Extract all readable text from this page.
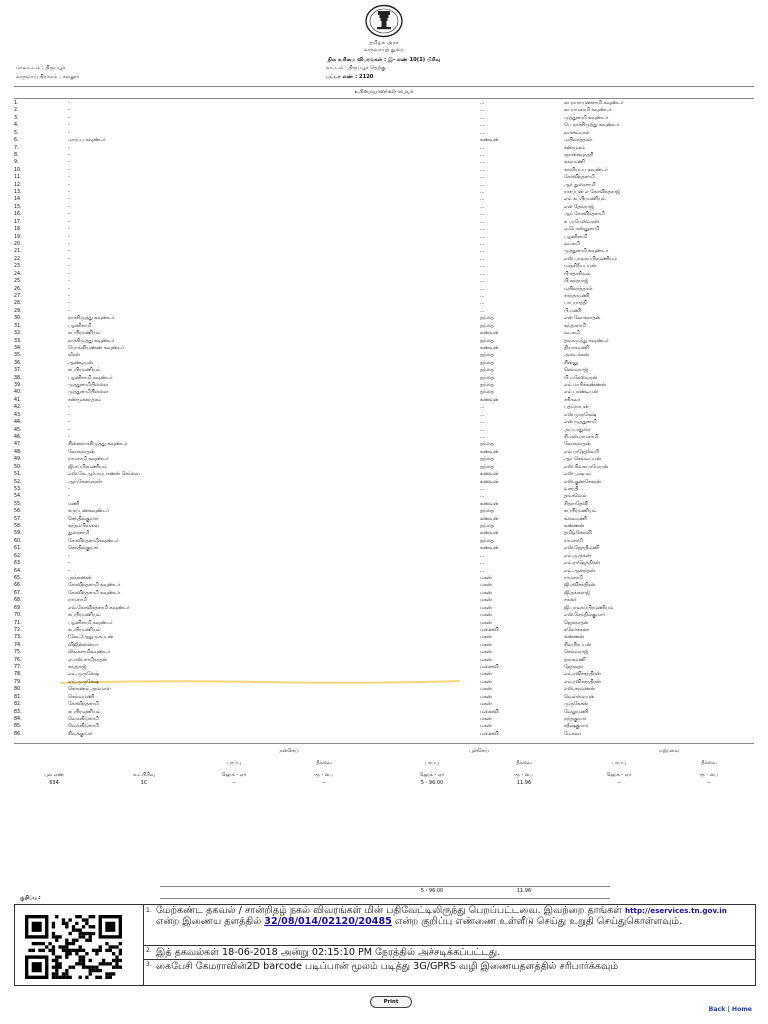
தமிழக அரசு
வருவாய்த் துறை
நில உரிமை விபரங்கள் : இ- எண் 10(1) பிரிவு
மாவட்டம் : திருப்பூர்	வட்டம் : திருப்பூர் தெற்கு
வருவாய் கிராமம் : நல்லூர்	பட்டா எண் : 2120
உரிமையாளர்கள் பெயர்
1.	-		...	கா நாராயணசாமி கவுண்டர்
2.	-		...	கா ராமசாமி கவுண்டர்
3.	-		...	முத்துசாமி கவுண்டர்
4.	-		...	பெ நாச்சிமுத்து கவுண்டர்
5.	-		...	நாச்சம்மாள்
6.	மாரப்ப கவுண்டர்		கணவன்	மயிலாத்தாள்
7.	-		...	சண்முகம்
8.	-		...	ஞானசவுந்தரி
9.	-		...	கலாமணி
10.	-		...	காளியப்ப கவுண்டர்
11.	-		...	கோவிந்தசாமி
12.	-		...	ஆர் துரைசாமி
13.	-		...	ராசப்பன் எ கோவிந்தராஜ்
14.	-		...	எம் சுப்பிரமணியம்
15.	-		...	என் தேவராஜ்
16.	-		...	ஆர் கோவிந்தசாமி
17.	-		...	க பரமேஸ்வரன்
18.	-		...	ஏ.பொன்னுசாமி
19.	-		...	பழனிசாமி
20.	-		...	லட்சுமி
21.	-		...	முத்துசாமி கவுண்டர்
22.	-		...	எஸ் பாலசுப்பிரமணியம்
23.	-		...	மஞ்சிநீயப்பன்
24.	-		...	பி சதாசிவம்
25.	-		...	பி சுந்தராஜ்
26.	-		...	மயிலாத்தாள்
27.	-		...	சாந்தாமணி
28.	-		...	பாப்பாத்தி
29.	-		...	பி மணி
30.	நாச்சிமுத்து கவுண்டர்		தந்தை	என் லோகநாதன்
31.	பழனிசாமி		தந்தை	சுந்தரசாமி
32.	சுப்பிரமணியம்		கணவன்	லட்சுமி
33.	நாச்சிமுத்து கவுண்டர்		தந்தை	தங்கமுத்து கவுண்டர்
34.	பொங்கியண்ண கவுண்டர்		கணவன்	தியாகமணி
35.	வீரன்		தந்தை	அடைக்கன்
36.	ஆண்டியன்		தந்தை	சின்னு
37.	சுப்பிரமணியம்		தந்தை	செல்வராஜ்
38.	பழனிசாமி கவுண்டர்		தந்தை	பி மகேஸ்வரன்
39.	முத்துசாமிபிள்ளை		தந்தை	எம் மாரிக்கண்ணன்
40.	முத்துசாமிபிள்ளை		தந்தை	எம் பாண்டியன்
41.	சண்முகசுந்தரம்		கணவன்	சசிகலா
42.	-		...	பத்மநாபன்
43.	-		...	எஸ் முருகேஷ்
44.	-		...	என் முத்துசாமி
45.	-		...	அப்பாதுரை
46.	-		...	சி.என்.ராமசாமி
47.	சின்னநாச்சிமுத்து கவுண்டர்		தந்தை	லோகநாதன்
48.	லோகநாதன்		கணவன்	எல் ராஜேஸ்வரி
49.	ராமசாமி கவுண்டர்		தந்தை	ஆர் செல்வப்பன்
50.	ஜி.சுப்பிரமணியம்		தந்தை	எஸ் சிவசுப்ரமேயன்
51.	எஸ்.கே.ஆர்.சுப்பாணன் செர்வை		கணவன்	எஸ் பஷ்பம்
52.	ஆர்.கேசங்கரன்		கணவன்	எஸ்.குணசேகரன்
53.	-		...	வசந்தி
54.	-		...	தங்கவேல்
55.	மணி		கணவன்	சித்ராதேவி
56.	கருப்பணகவுண்டர்		தந்தை	சுப்பிரமணியம்
57.	செந்தில்குமார்		கணவன்	கலைமணி
58.	கந்தம்பிள்ளை		தந்தை	கண்ணன்
59.	துரைசாமி		கணவன்	தமிழ்செல்வி
60.	கோவிந்தசாமிகவுண்டர்		தந்தை	ராமசாமி
61.	செந்தில்குமார்		கணவன்	எஸ்.ஜோதிமணி
62.	-		...	எம்.முருகன்
63.	-		...	எம்.ராஜேந்திரன்
64.	-		...	எம்.ஆனந்தன்
65.	அங்கணன்		மகன்	ராமசாமி
66.	கோவிந்தசாமி கவுண்டர்		மகன்	ஜி.ரவிசந்திரன்
67.	கோவிந்தசாமி கவுண்டர்		மகன்	ஜி.தங்கராஜ்
68.	ராமசாமி		மகன்	சங்கர்
69.	எல்.கோவிந்தசாமி கவுண்டர்		மகன்	ஜி.பாலசுப்பிரமணியம்
70.	சுப்பிரமணியம்		மகன்	எஸ்.செந்தில்குமார்
71.	பழனிசாமி கவுண்டர்		மகன்	ஜெகநாதன்
72.	சுப்பிரமணியம்		மனைவி	சுலோச்சனா
73.	(லேட்)ஆறுமுகப்பன்		மகன்	கண்ணன்
74.	விஜின்னையா		மகன்	சிவபிரப்பன்
75.	லிங்கசாமிகவுண்டர்		மகன்	செல்வராஜ்
76.	ஏ.எஸ்.சாமிநாதன்		மகன்	தங்கமணி
77.	சுந்தராஜ்		மனைவி	ஜோலதா
78.	எம்.முருகேஷ்		மகன்	எம்.ரவிச்சந்திரன்
79.	எம்.முருகேஷ்		மகன்	எம்.ரவிச்சந்திரன்
80.	சொரணம் அம்மாள்		மகன்	எஸ்.சரவணன்
81.	செல்வமணி		மகன்	வெள்ளையன்
82.	கோவிந்தசாமி		மகன்	முருகேசன்
83.	சுப்பிரமணியம்		மனைவி	வேலுமணி
84.	வெங்கிடுசாமி		மகன்	நந்தகுமார்
85.	வெங்கிடுசாமி		மகன்	சதீஷ்குமார்
86.	சிவக்குமார்		மனைவி	மேகலா
நன்செய்	புன்செய்	மற்றவை
பரப்பு	தீர்வை	பரப்பு	தீர்வை	பரப்பு	தீர்வை
புல எண்	உட்பிரிவு	ஹெக் - ஏர்	ரூ - பை	ஹெக் - ஏர்	ரூ - பை	ஹெக் - ஏர்	ரூ - பை
634	1C	--	--	5 - 96.00	11.96	--	--
5 - 96.00	11.96
குறிப்பு :
1. மேற்கண்ட தகவல் / சான்றிதழ் நகல் விவரங்கள் மின் பதிவேட்டிலிருந்து பெறப்பட்டவை. இவற்றை தாங்கள் http://eservices.tn.gov.in என்ற இணைய தளத்தில் 32/08/014/02120/20485 என்ற குறிப்பு எண்ணை உள்ளீடு செய்து உறுதி செய்துகொள்ளவும்.
2. இத் தகவல்கள் 18-06-2018 அன்று 02:15:10 PM நேரத்தில் அச்சடிக்கப்பட்டது.
3. கைபேசி கேமராவின்2D barcode படிப்பான் மூலம் படித்து 3G/GPRS வழி இணையதளத்தில் சரிபார்க்கவும்
Print
Back | Home
